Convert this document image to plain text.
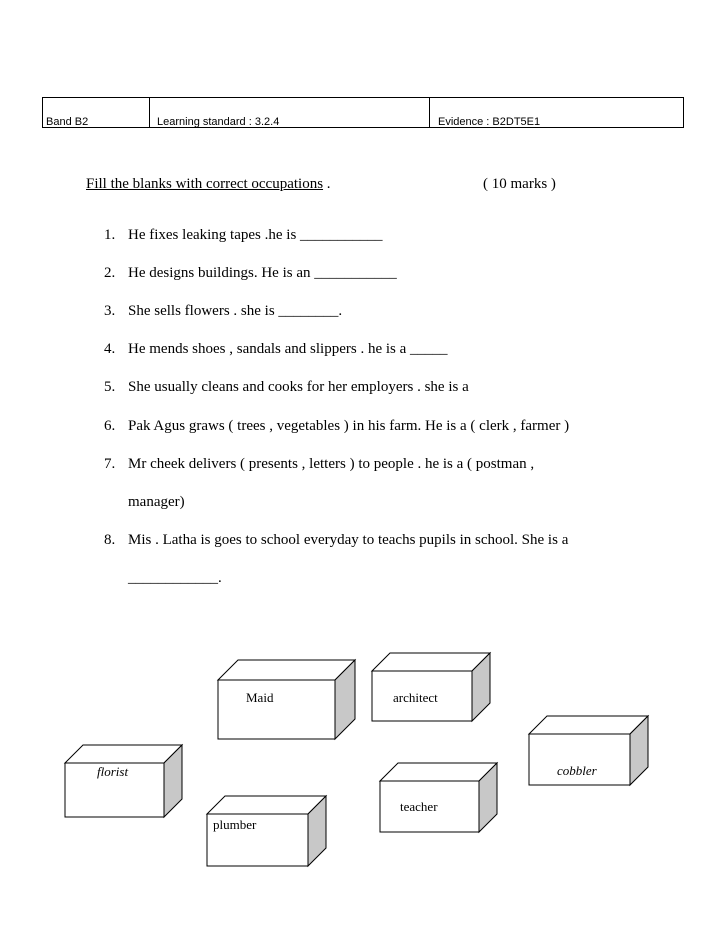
Band B2	Learning standard : 3.2.4	Evidence : B2DT5E1
Fill the blanks with correct occupations .	( 10 marks )
1. He fixes leaking tapes .he is ___________
2. He designs buildings. He is an ___________
3. She sells flowers . she is ________.
4. He mends shoes , sandals and slippers . he is a _____
5. She usually cleans and cooks for her employers . she is a
6. Pak Agus graws ( trees , vegetables ) in his farm. He is a ( clerk , farmer )
7. Mr cheek delivers ( presents , letters ) to people . he is a ( postman ,
manager)
8. Mis . Latha is goes to school everyday to teachs pupils in school. She is a
____________.
Maid	architect
florist	cobbler
teacher
plumber
